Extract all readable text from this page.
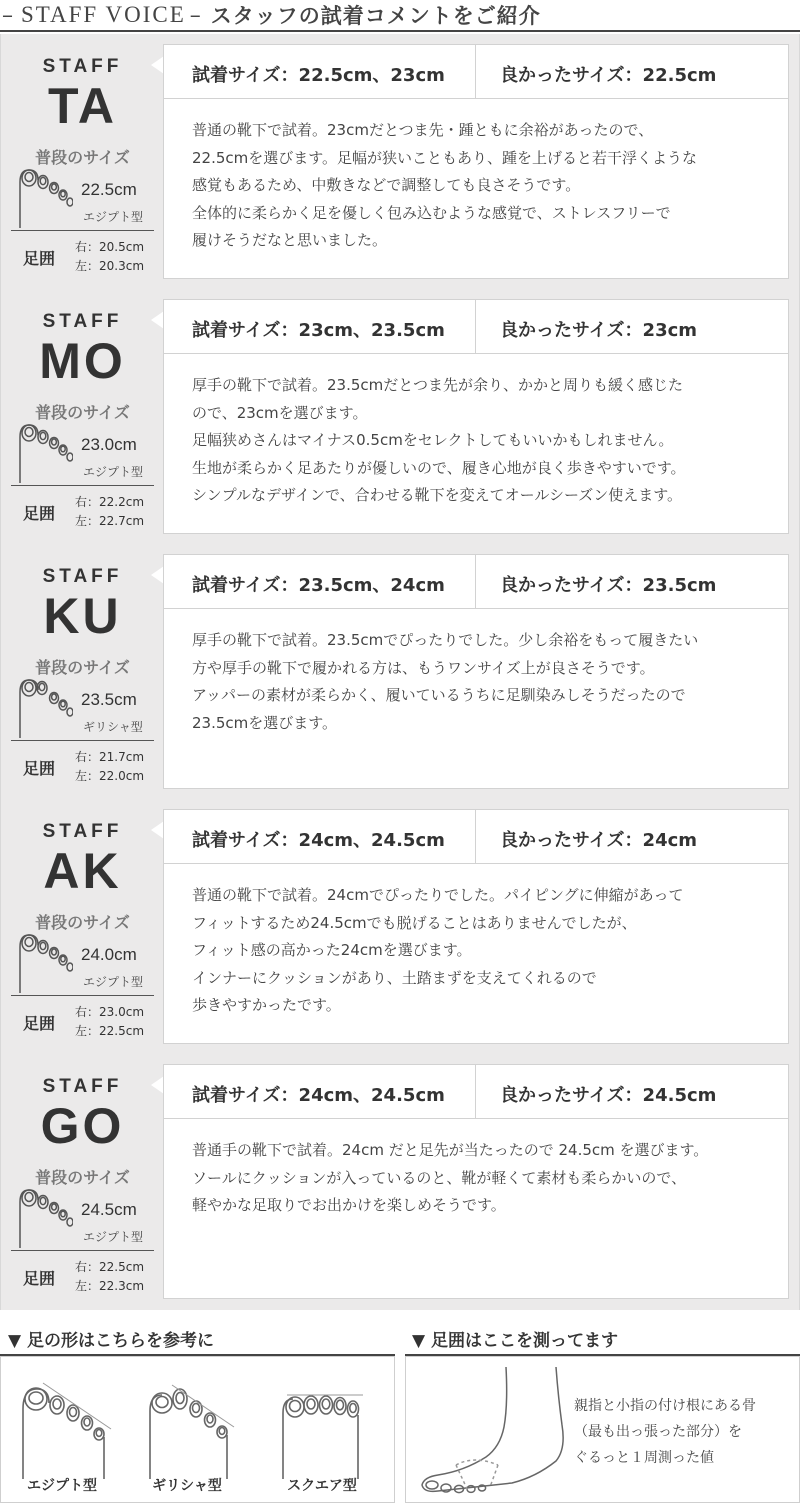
– STAFF VOICE – スタッフの試着コメントをご紹介
STAFF
TA
普段のサイズ
22.5cm
エジプト型
足囲
右：20.5cm
左：20.3cm
試着サイズ：22.5cm、23cm	良かったサイズ：22.5cm
普通の靴下で試着。23cmだとつま先・踵ともに余裕があったので、
22.5cmを選びます。足幅が狭いこともあり、踵を上げると若干浮くような
感覚もあるため、中敷きなどで調整しても良さそうです。
全体的に柔らかく足を優しく包み込むような感覚で、ストレスフリーで
履けそうだなと思いました。
STAFF
MO
普段のサイズ
23.0cm
エジプト型
足囲
右：22.2cm
左：22.7cm
試着サイズ：23cm、23.5cm	良かったサイズ：23cm
厚手の靴下で試着。23.5cmだとつま先が余り、かかと周りも緩く感じた
ので、23cmを選びます。
足幅狭めさんはマイナス0.5cmをセレクトしてもいいかもしれません。
生地が柔らかく足あたりが優しいので、履き心地が良く歩きやすいです。
シンプルなデザインで、合わせる靴下を変えてオールシーズン使えます。
STAFF
KU
普段のサイズ
23.5cm
ギリシャ型
足囲
右：21.7cm
左：22.0cm
試着サイズ：23.5cm、24cm	良かったサイズ：23.5cm
厚手の靴下で試着。23.5cmでぴったりでした。少し余裕をもって履きたい
方や厚手の靴下で履かれる方は、もうワンサイズ上が良さそうです。
アッパーの素材が柔らかく、履いているうちに足馴染みしそうだったので
23.5cmを選びます。
STAFF
AK
普段のサイズ
24.0cm
エジプト型
足囲
右：23.0cm
左：22.5cm
試着サイズ：24cm、24.5cm	良かったサイズ：24cm
普通の靴下で試着。24cmでぴったりでした。パイピングに伸縮があって
フィットするため24.5cmでも脱げることはありませんでしたが、
フィット感の高かった24cmを選びます。
インナーにクッションがあり、土踏まずを支えてくれるので
歩きやすかったです。
STAFF
GO
普段のサイズ
24.5cm
エジプト型
足囲
右：22.5cm
左：22.3cm
試着サイズ：24cm、24.5cm	良かったサイズ：24.5cm
普通手の靴下で試着。24cm だと足先が当たったので 24.5cm を選びます。
ソールにクッションが入っているのと、靴が軽くて素材も柔らかいので、
軽やかな足取りでお出かけを楽しめそうです。
▼ 足の形はこちらを参考に
エジプト型	ギリシャ型	スクエア型
▼ 足囲はここを測ってます
親指と小指の付け根にある骨
（最も出っ張った部分）を
ぐるっと１周測った値
